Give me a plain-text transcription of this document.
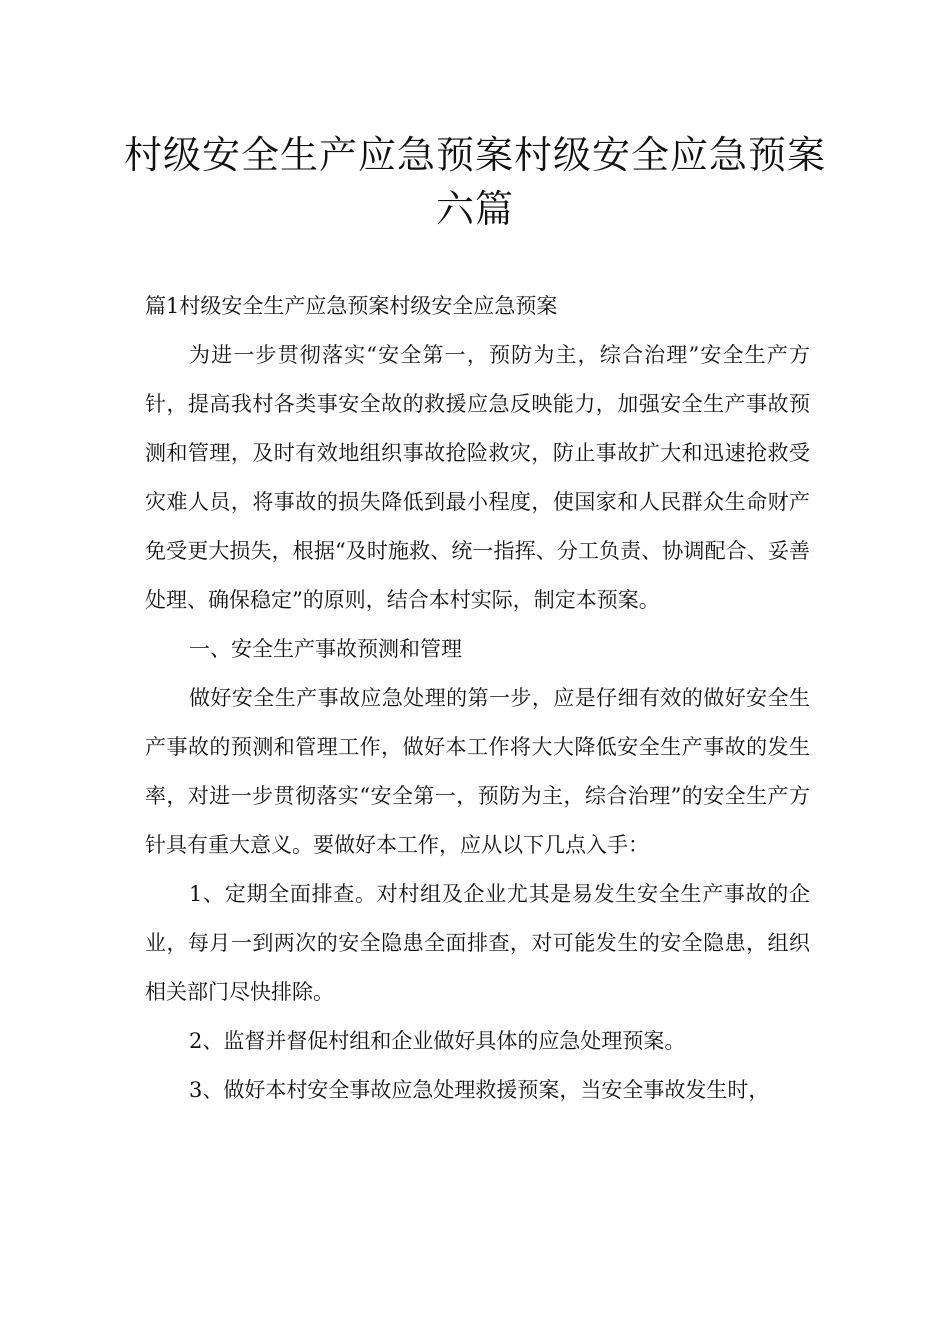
村级安全生产应急预案村级安全应急预案六篇

篇1村级安全生产应急预案村级安全应急预案

为进一步贯彻落实“安全第一，预防为主，综合治理”安全生产方针，提高我村各类事安全故的救援应急反映能力，加强安全生产事故预测和管理，及时有效地组织事故抢险救灾，防止事故扩大和迅速抢救受灾难人员，将事故的损失降低到最小程度，使国家和人民群众生命财产免受更大损失，根据“及时施救、统一指挥、分工负责、协调配合、妥善处理、确保稳定”的原则，结合本村实际，制定本预案。

一、安全生产事故预测和管理

做好安全生产事故应急处理的第一步，应是仔细有效的做好安全生产事故的预测和管理工作，做好本工作将大大降低安全生产事故的发生率，对进一步贯彻落实“安全第一，预防为主，综合治理”的安全生产方针具有重大意义。要做好本工作，应从以下几点入手：

1、定期全面排查。对村组及企业尤其是易发生安全生产事故的企业，每月一到两次的安全隐患全面排查，对可能发生的安全隐患，组织相关部门尽快排除。

2、监督并督促村组和企业做好具体的应急处理预案。

3、做好本村安全事故应急处理救援预案，当安全事故发生时，
